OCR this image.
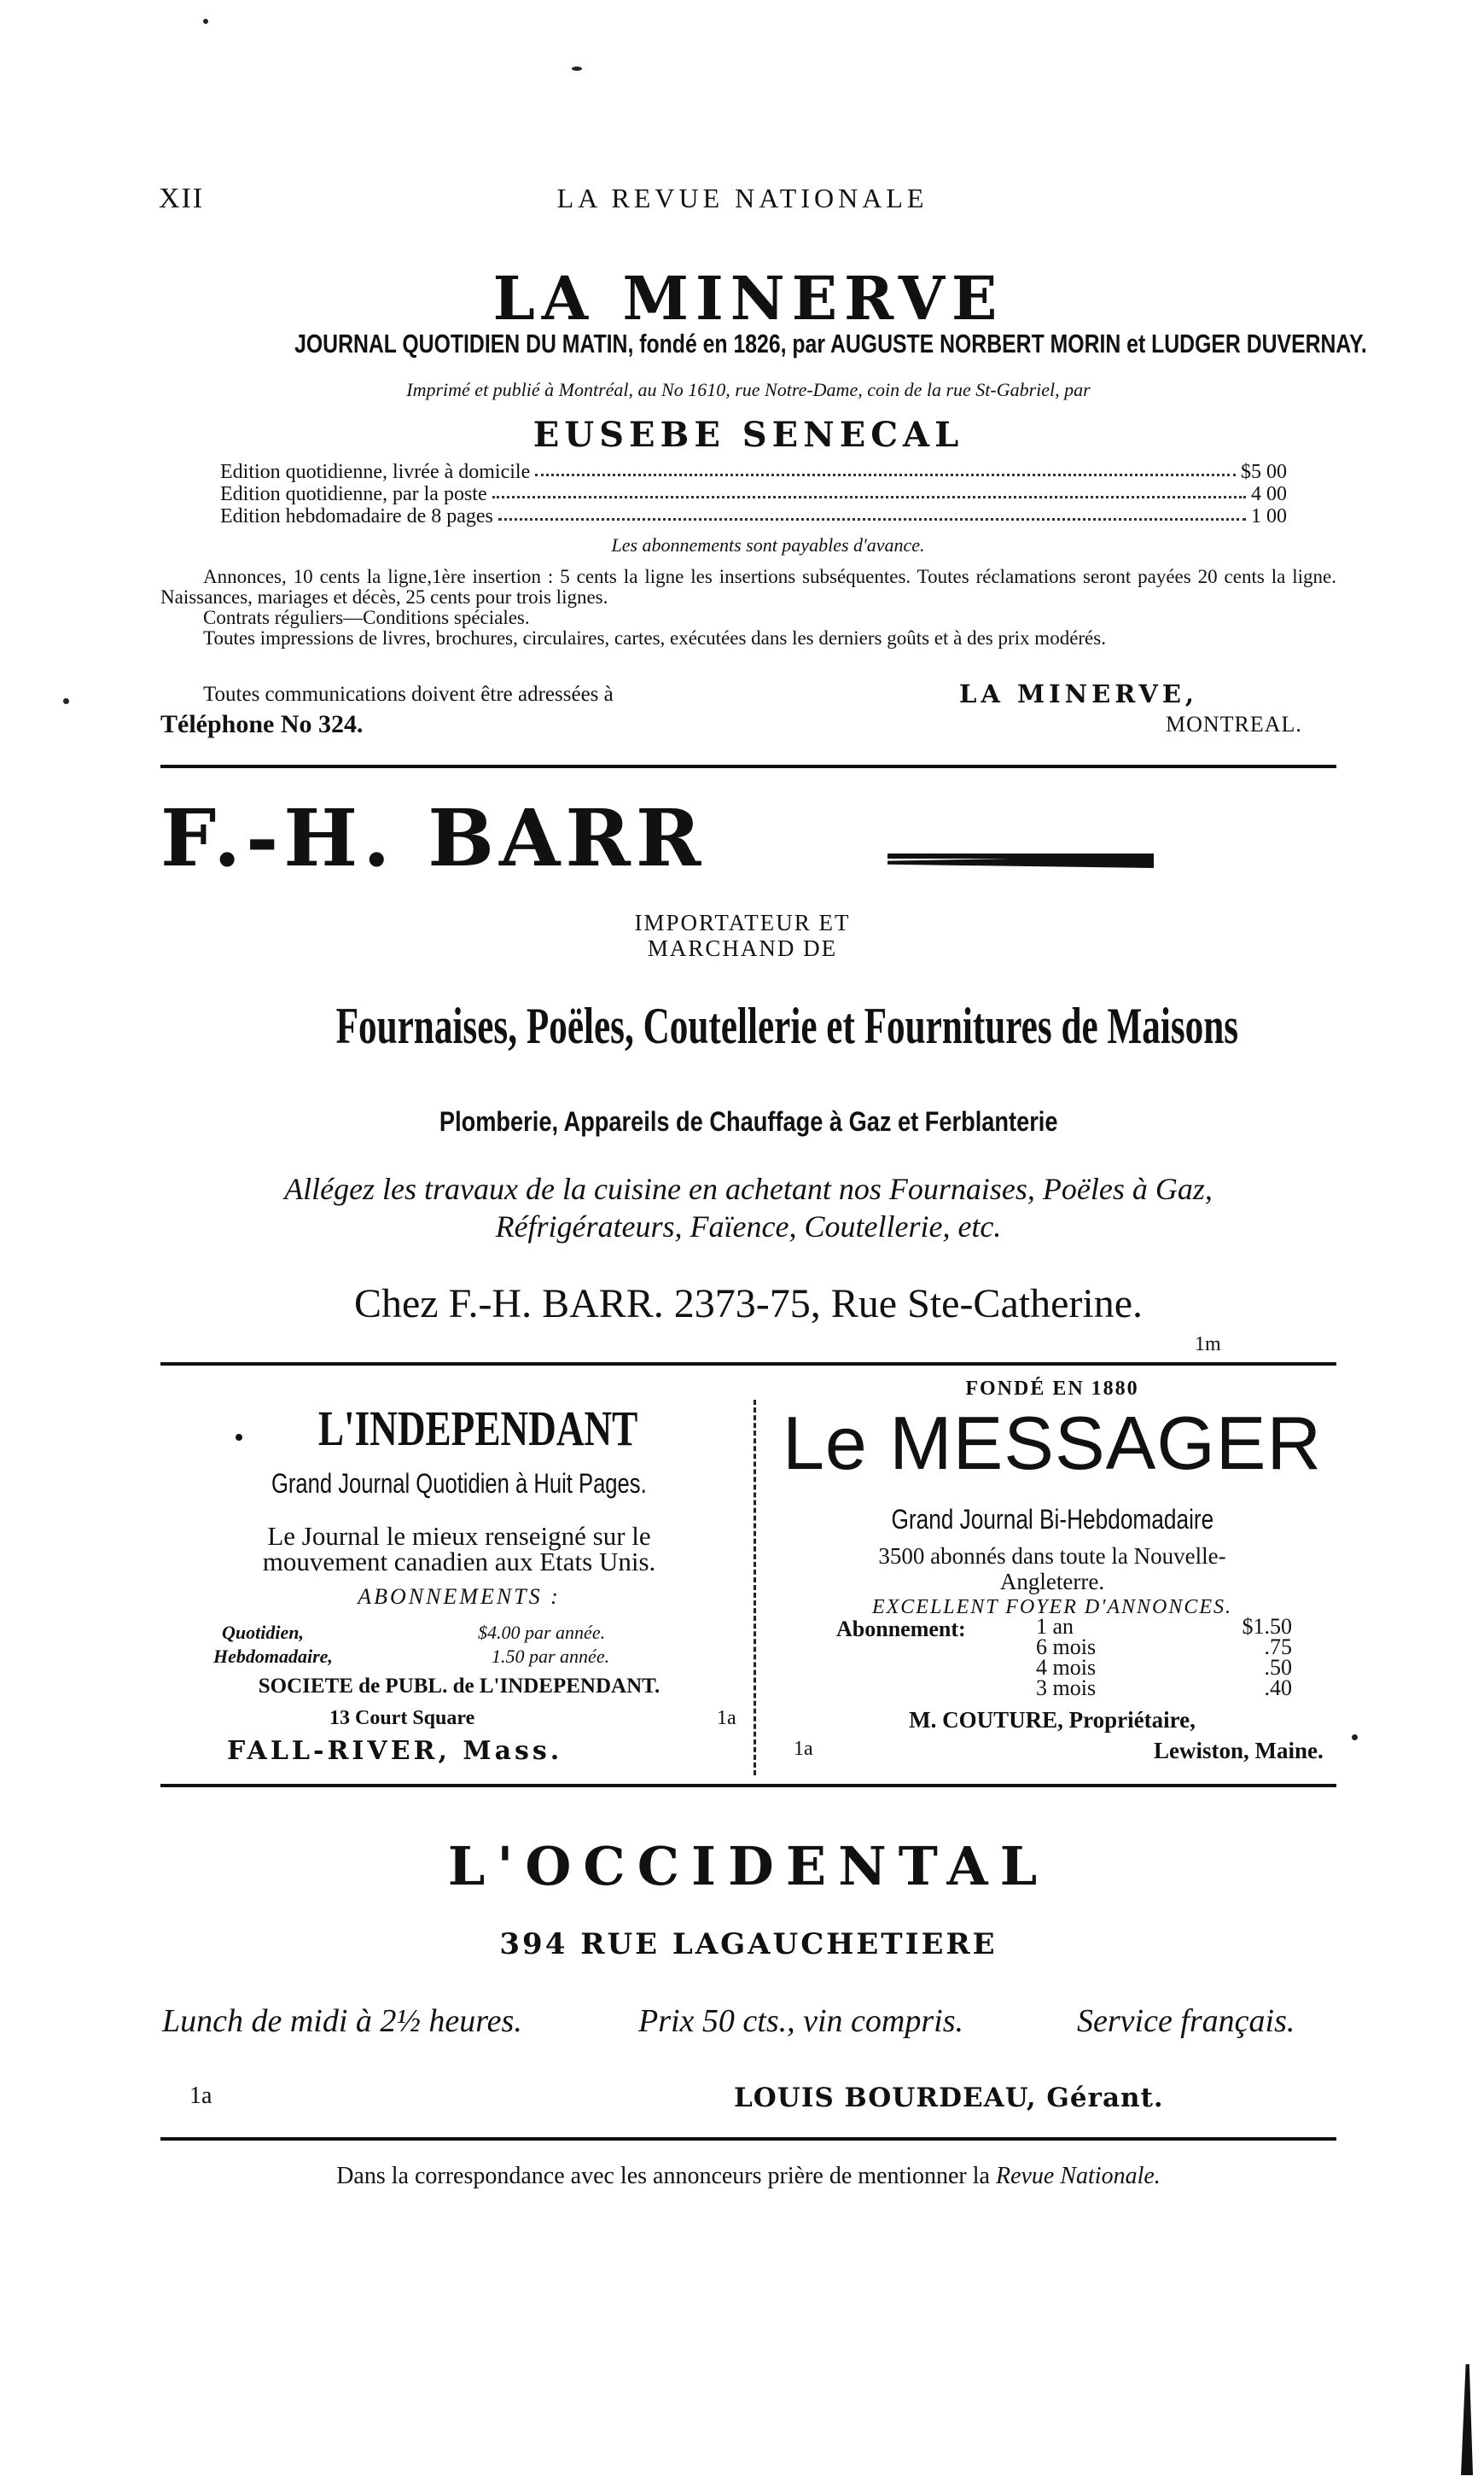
XII	LA REVUE NATIONALE
LA MINERVE
JOURNAL QUOTIDIEN DU MATIN, fondé en 1826, par AUGUSTE NORBERT MORIN et LUDGER DUVERNAY.
Imprimé et publié à Montréal, au No 1610, rue Notre-Dame, coin de la rue St-Gabriel, par
EUSEBE SENECAL
Edition quotidienne, livrée à domicile	$5 00
Edition quotidienne, par la poste	4 00
Edition hebdomadaire de 8 pages	1 00
Les abonnements sont payables d'avance.
Annonces, 10 cents la ligne,1ère insertion : 5 cents la ligne les insertions subséquentes. Toutes réclamations seront payées 20 cents la ligne. Naissances, mariages et décès, 25 cents pour trois lignes.
Contrats réguliers—Conditions spéciales.
Toutes impressions de livres, brochures, circulaires, cartes, exécutées dans les derniers goûts et à des prix modérés.
Toutes communications doivent être adressées à	LA MINERVE,
Téléphone No 324.	MONTREAL.
F.-H. BARR
IMPORTATEUR ET
MARCHAND DE
Fournaises, Poëles, Coutellerie et Fournitures de Maisons
Plomberie, Appareils de Chauffage à Gaz et Ferblanterie
Allégez les travaux de la cuisine en achetant nos Fournaises, Poëles à Gaz,
Réfrigérateurs, Faïence, Coutellerie, etc.
Chez F.-H. BARR. 2373-75, Rue Ste-Catherine.
1m
L'INDEPENDANT
Grand Journal Quotidien à Huit Pages.
Le Journal le mieux renseigné sur le
mouvement canadien aux Etats Unis.
ABONNEMENTS :
Quotidien,	$4.00 par année.
Hebdomadaire,	1.50 par année.
SOCIETE de PUBL. de L'INDEPENDANT.
13 Court Square	1a
FALL-RIVER, Mass.
FONDÉ EN 1880
Le MESSAGER
Grand Journal Bi-Hebdomadaire
3500 abonnés dans toute la Nouvelle-
Angleterre.
EXCELLENT FOYER D'ANNONCES.
Abonnement:	1 an	$1.50
6 mois	.75
4 mois	.50
3 mois	.40
M. COUTURE, Propriétaire,
1a	Lewiston, Maine.
L'OCCIDENTAL
394 RUE LAGAUCHETIERE
Lunch de midi à 2½ heures.	Prix 50 cts., vin compris.	Service français.
1a	LOUIS BOURDEAU, Gérant.
Dans la correspondance avec les annonceurs prière de mentionner la Revue Nationale.
